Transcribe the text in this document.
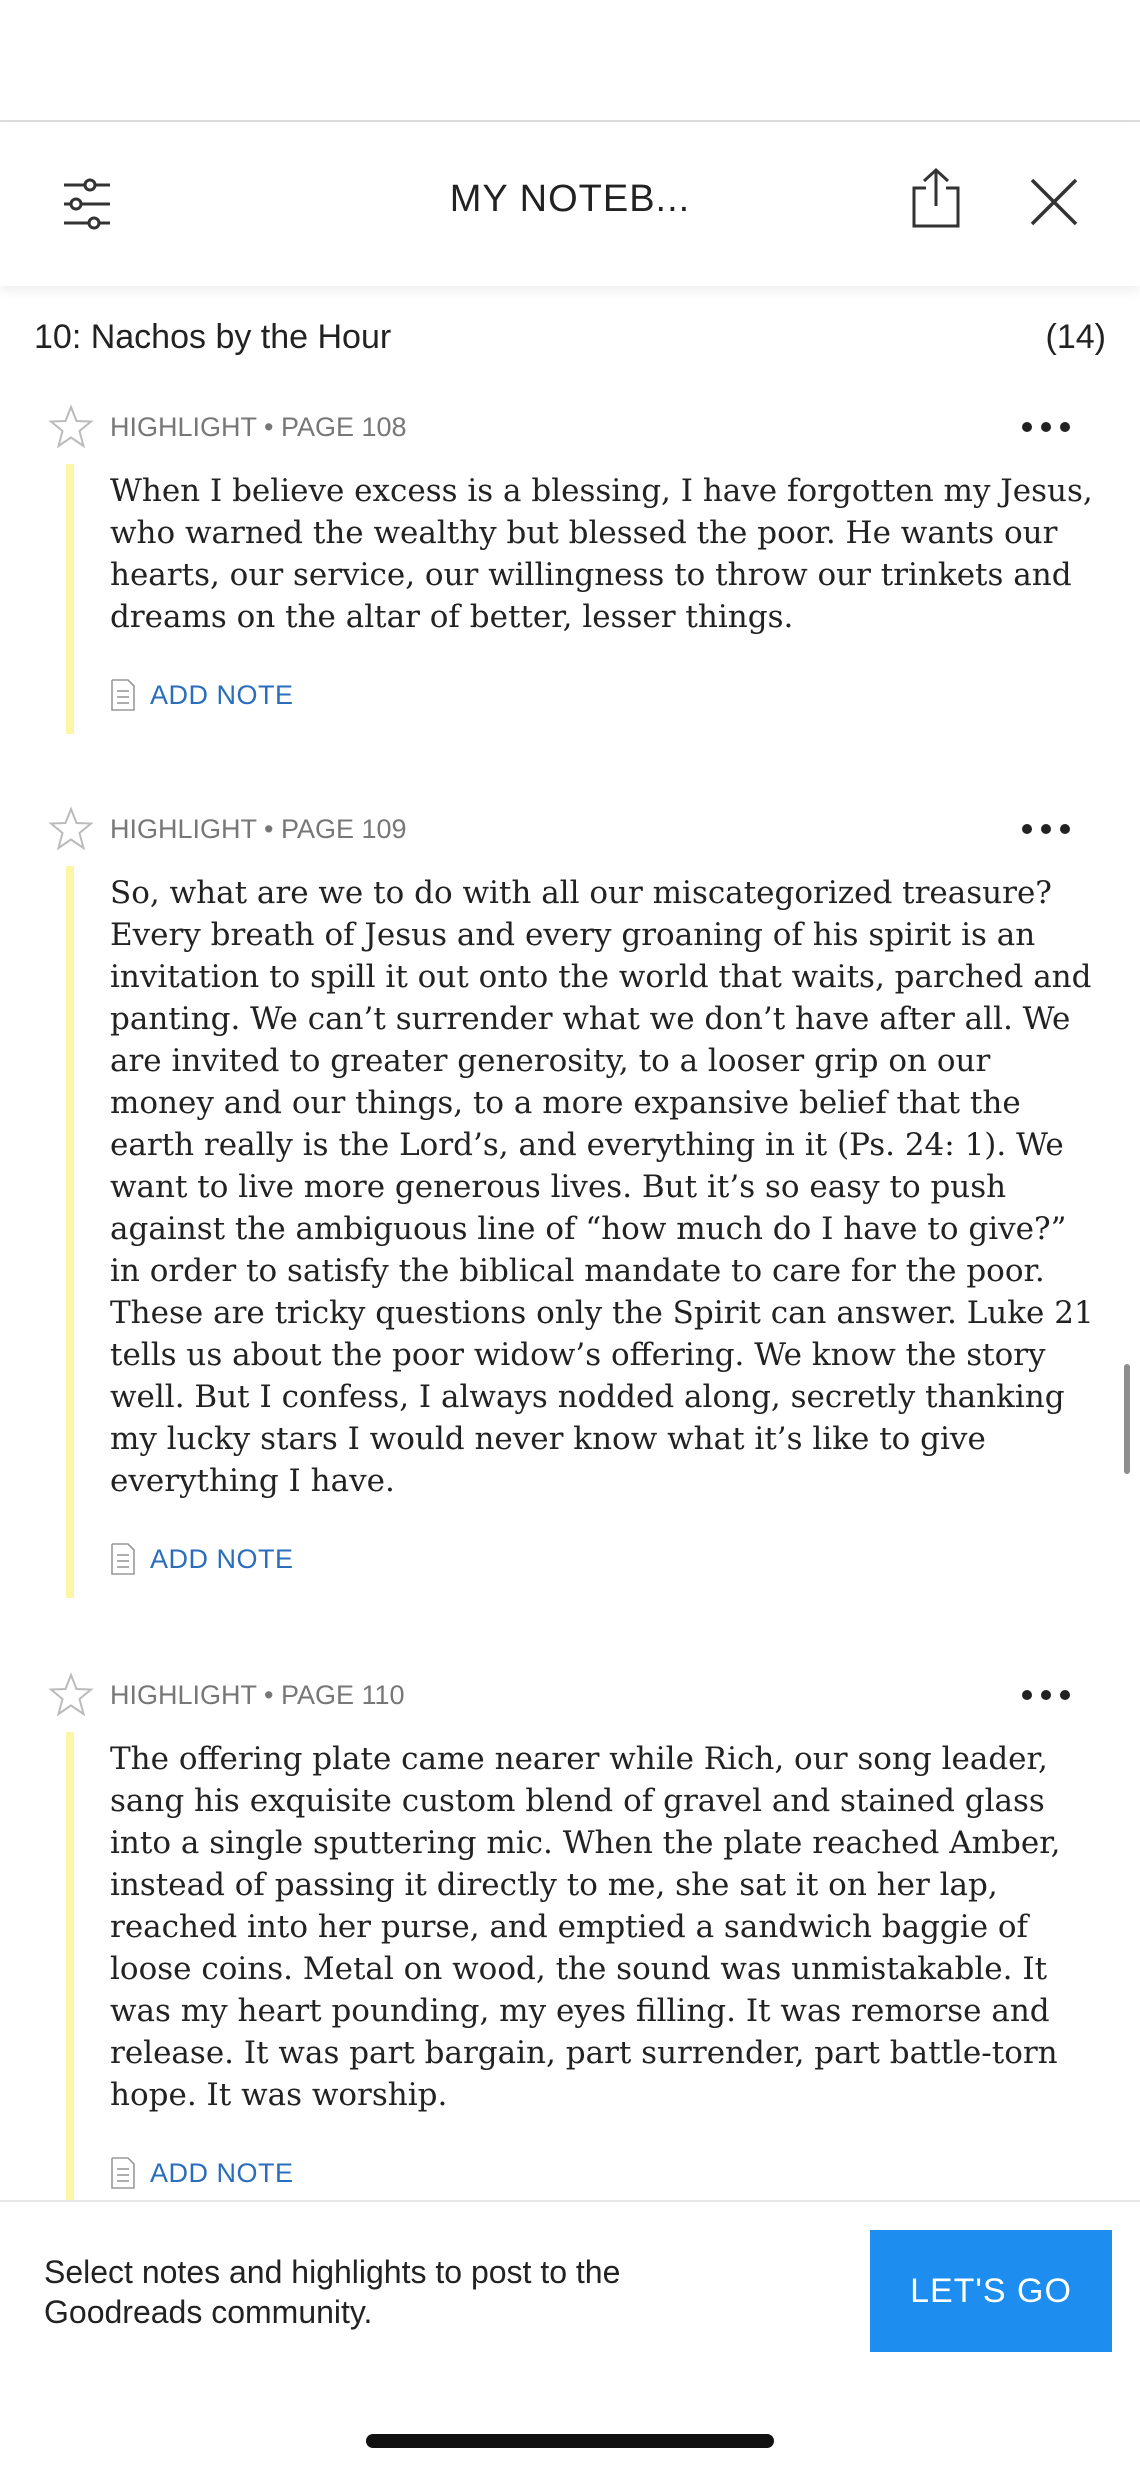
MY NOTEB...
10: Nachos by the Hour	(14)
HIGHLIGHT • PAGE 108

When I believe excess is a blessing, I have forgotten my Jesus, who warned the wealthy but blessed the poor. He wants our hearts, our service, our willingness to throw our trinkets and dreams on the altar of better, lesser things.

ADD NOTE
HIGHLIGHT • PAGE 109

So, what are we to do with all our miscategorized treasure? Every breath of Jesus and every groaning of his spirit is an invitation to spill it out onto the world that waits, parched and panting. We can’t surrender what we don’t have after all. We are invited to greater generosity, to a looser grip on our money and our things, to a more expansive belief that the earth really is the Lord’s, and everything in it (Ps. 24: 1). We want to live more generous lives. But it’s so easy to push against the ambiguous line of “how much do I have to give?” in order to satisfy the biblical mandate to care for the poor. These are tricky questions only the Spirit can answer. Luke 21 tells us about the poor widow’s offering. We know the story well. But I confess, I always nodded along, secretly thanking my lucky stars I would never know what it’s like to give everything I have.

ADD NOTE
HIGHLIGHT • PAGE 110

The offering plate came nearer while Rich, our song leader, sang his exquisite custom blend of gravel and stained glass into a single sputtering mic. When the plate reached Amber, instead of passing it directly to me, she sat it on her lap, reached into her purse, and emptied a sandwich baggie of loose coins. Metal on wood, the sound was unmistakable. It was my heart pounding, my eyes filling. It was remorse and release. It was part bargain, part surrender, part battle-torn hope. It was worship.

ADD NOTE
Select notes and highlights to post to the Goodreads community.
LET'S GO
